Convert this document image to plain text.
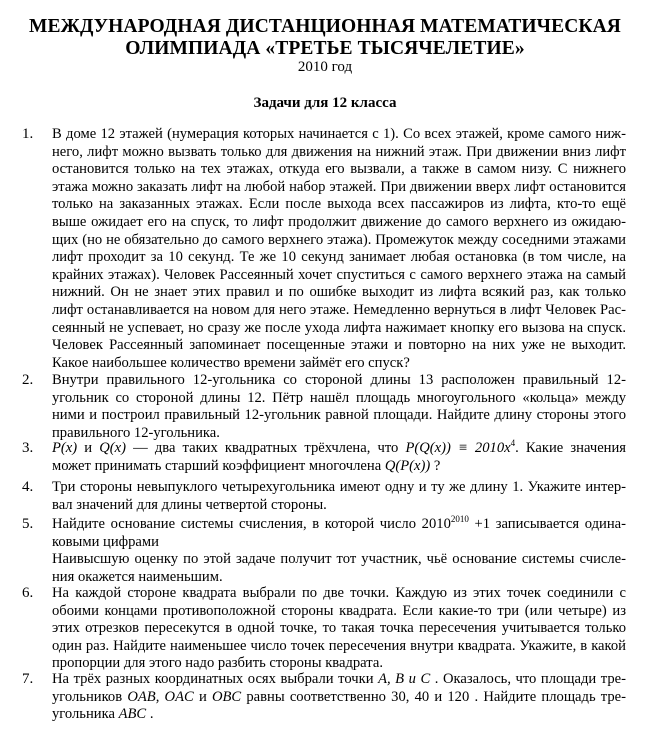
МЕЖДУНАРОДНАЯ ДИСТАНЦИОННАЯ МАТЕМАТИЧЕСКАЯ
ОЛИМПИАДА «ТРЕТЬЕ ТЫСЯЧЕЛЕТИЕ»
2010 год
Задачи для 12 класса
1. В доме 12 этажей (нумерация которых начинается с 1). Со всех этажей, кроме самого ниж-
него, лифт можно вызвать только для движения на нижний этаж. При движении вниз лифт
остановится только на тех этажах, откуда его вызвали, а также в самом низу. С нижнего
этажа можно заказать лифт на любой набор этажей. При движении вверх лифт остановится
только на заказанных этажах. Если после выхода всех пассажиров из лифта, кто-то ещё
выше ожидает его на спуск, то лифт продолжит движение до самого верхнего из ожидаю-
щих (но не обязательно до самого верхнего этажа). Промежуток между соседними этажами
лифт проходит за 10 секунд. Те же 10 секунд занимает любая остановка (в том числе, на
крайних этажах). Человек Рассеянный хочет спуститься с самого верхнего этажа на самый
нижний. Он не знает этих правил и по ошибке выходит из лифта всякий раз, как только
лифт останавливается на новом для него этаже. Немедленно вернуться в лифт Человек Рас-
сеянный не успевает, но сразу же после ухода лифта нажимает кнопку его вызова на спуск.
Человек Рассеянный запоминает посещенные этажи и повторно на них уже не выходит.
Какое наибольшее количество времени займёт его спуск?
2. Внутри правильного 12-угольника со стороной длины 13 расположен правильный 12-
угольник со стороной длины 12. Пётр нашёл площадь многоугольного «кольца» между
ними и построил правильный 12-угольник равной площади. Найдите длину стороны этого
правильного 12-угольника.
3. P(x) и Q(x) — два таких квадратных трёхчлена, что $P(Q(x)) \equiv 2010x^4$. Какие значения
может принимать старший коэффициент многочлена Q(P(x)) ?
4. Три стороны невыпуклого четырехугольника имеют одну и ту же длину 1. Укажите интер-
вал значений для длины четвертой стороны.
5. Найдите основание системы счисления, в которой число $2010^{2010} +1$ записывается одина-
ковыми цифрами
Наивысшую оценку по этой задаче получит тот участник, чьё основание системы счисле-
ния окажется наименьшим.
6. На каждой стороне квадрата выбрали по две точки. Каждую из этих точек соединили с
обоими концами противоположной стороны квадрата. Если какие-то три (или четыре) из
этих отрезков пересекутся в одной точке, то такая точка пересечения учитывается только
один раз. Найдите наименьшее число точек пересечения внутри квадрата. Укажите, в какой
пропорции для этого надо разбить стороны квадрата.
7. На трёх разных координатных осях выбрали точки A, B и C . Оказалось, что площади тре-
угольников OAB, OAC и OBC равны соответственно 30, 40 и 120 . Найдите площадь тре-
угольника ABC .
